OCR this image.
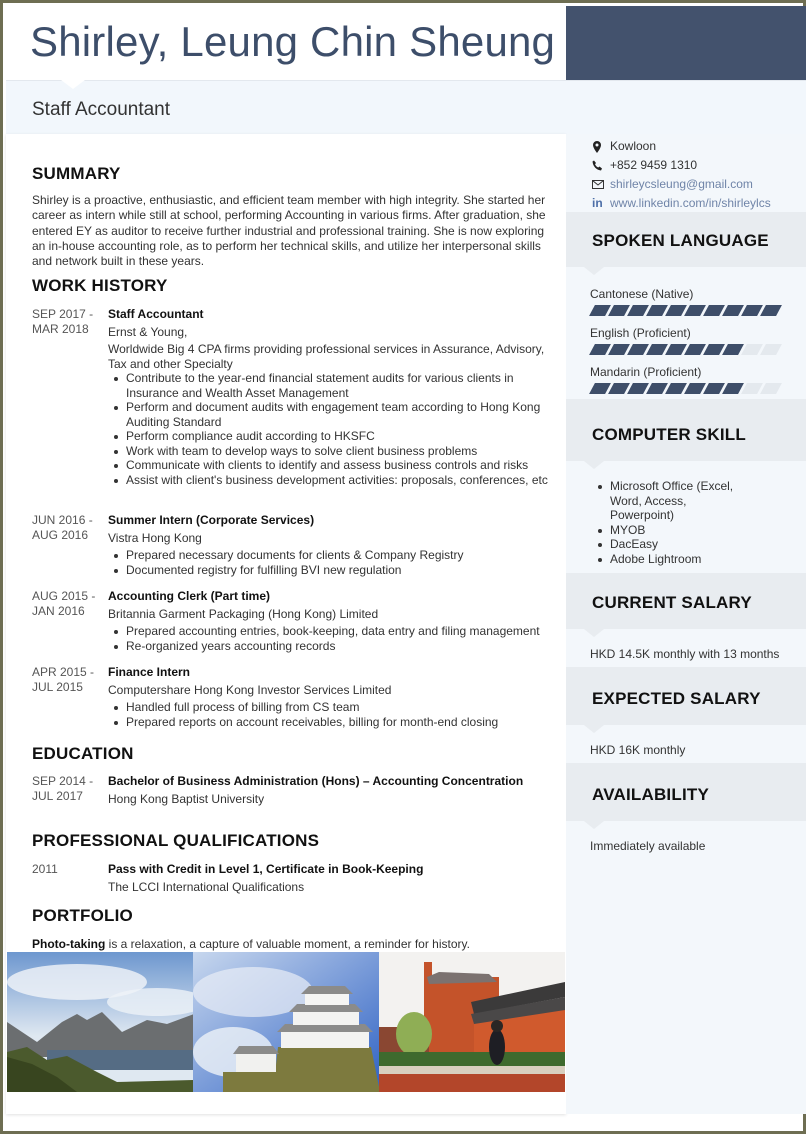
Shirley, Leung Chin Sheung
Staff Accountant
SUMMARY

Shirley is a proactive, enthusiastic, and efficient team member with high integrity. She started her career as intern while still at school, performing Accounting in various firms. After graduation, she entered EY as auditor to receive further industrial and professional training. She is now exploring an in-house accounting role, as to perform her technical skills, and utilize her interpersonal skills and network built in these years.

WORK HISTORY
SEP 2017 -
MAR 2018
Staff Accountant
Ernst & Young,
Worldwide Big 4 CPA firms providing professional services in Assurance, Advisory, Tax and other Specialty
Contribute to the year-end financial statement audits for various clients in Insurance and Wealth Asset Management
Perform and document audits with engagement team according to Hong Kong Auditing Standard
Perform compliance audit according to HKSFC
Work with team to develop ways to solve client business problems
Communicate with clients to identify and assess business controls and risks
Assist with client's business development activities: proposals, conferences, etc
JUN 2016 -
AUG 2016
Summer Intern (Corporate Services)
Vistra Hong Kong
Prepared necessary documents for clients & Company Registry
Documented registry for fulfilling BVI new regulation
AUG 2015 -
JAN 2016
Accounting Clerk (Part time)
Britannia Garment Packaging (Hong Kong) Limited
Prepared accounting entries, book-keeping, data entry and filing management
Re-organized years accounting records
APR 2015 -
JUL 2015
Finance Intern
Computershare Hong Kong Investor Services Limited
Handled full process of billing from CS team
Prepared reports on account receivables, billing for month-end closing
EDUCATION
SEP 2014 -
JUL 2017
Bachelor of Business Administration (Hons) – Accounting Concentration
Hong Kong Baptist University
PROFESSIONAL QUALIFICATIONS
2011	Pass with Credit in Level 1, Certificate in Book-Keeping
The LCCI International Qualifications
PORTFOLIO
Photo-taking is a relaxation, a capture of valuable moment, a reminder for history.
Kowloon
+852 9459 1310
shirleycsleung@gmail.com
in www.linkedin.com/in/shirleylcs
SPOKEN LANGUAGE
Cantonese (Native)
English (Proficient)
Mandarin (Proficient)
COMPUTER SKILL
Microsoft Office (Excel, Word, Access, Powerpoint)
MYOB
DacEasy
Adobe Lightroom
CURRENT SALARY
HKD 14.5K monthly with 13 months
EXPECTED SALARY
HKD 16K monthly
AVAILABILITY
Immediately available
